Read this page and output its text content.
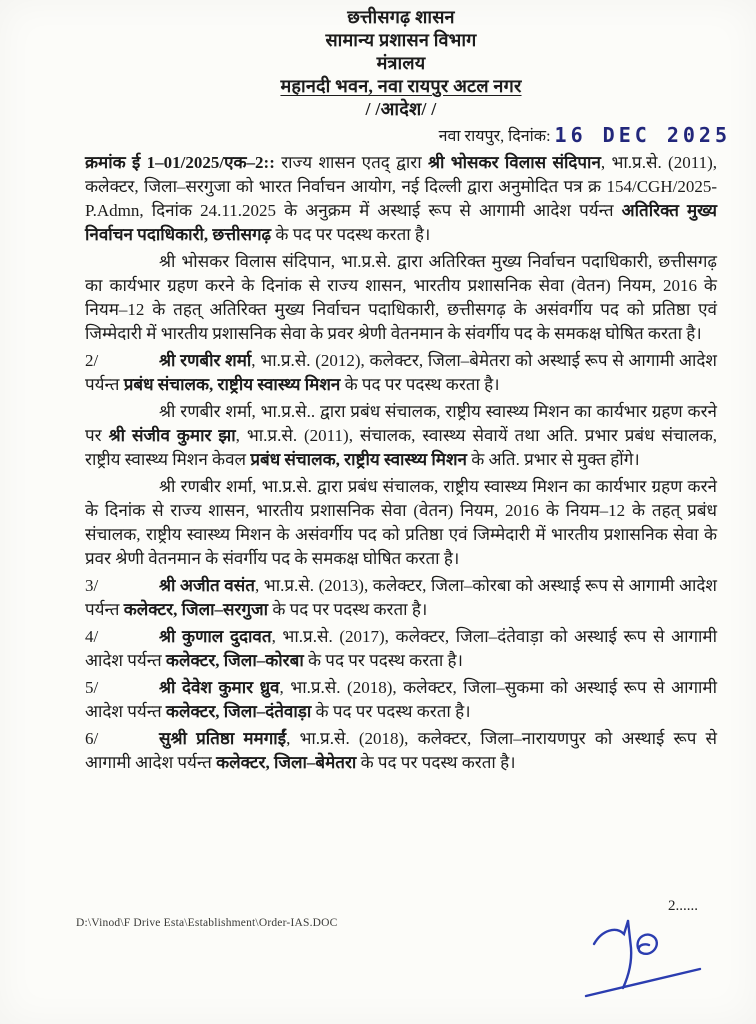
छत्तीसगढ़ शासन
सामान्य प्रशासन विभाग
मंत्रालय
महानदी भवन, नवा रायपुर अटल नगर
/ /आदेश/ /
नवा रायपुर, दिनांक: 16 DEC 2025

क्रमांक ई 1–01/2025/एक–2:: राज्य शासन एतद् द्वारा श्री भोसकर विलास संदिपान, भा.प्र.से. (2011), कलेक्टर, जिला–सरगुजा को भारत निर्वाचन आयोग, नई दिल्ली द्वारा अनुमोदित पत्र क्र 154/CGH/2025-P.Admn, दिनांक 24.11.2025 के अनुक्रम में अस्थाई रूप से आगामी आदेश पर्यन्त अतिरिक्त मुख्य निर्वाचन पदाधिकारी, छत्तीसगढ़ के पद पर पदस्थ करता है।

श्री भोसकर विलास संदिपान, भा.प्र.से. द्वारा अतिरिक्त मुख्य निर्वाचन पदाधिकारी, छत्तीसगढ़ का कार्यभार ग्रहण करने के दिनांक से राज्य शासन, भारतीय प्रशासनिक सेवा (वेतन) नियम, 2016 के नियम–12 के तहत् अतिरिक्त मुख्य निर्वाचन पदाधिकारी, छत्तीसगढ़ के असंवर्गीय पद को प्रतिष्ठा एवं जिम्मेदारी में भारतीय प्रशासनिक सेवा के प्रवर श्रेणी वेतनमान के संवर्गीय पद के समकक्ष घोषित करता है।

2/	श्री रणबीर शर्मा, भा.प्र.से. (2012), कलेक्टर, जिला–बेमेतरा को अस्थाई रूप से आगामी आदेश पर्यन्त प्रबंध संचालक, राष्ट्रीय स्वास्थ्य मिशन के पद पर पदस्थ करता है।

श्री रणबीर शर्मा, भा.प्र.से.. द्वारा प्रबंध संचालक, राष्ट्रीय स्वास्थ्य मिशन का कार्यभार ग्रहण करने पर श्री संजीव कुमार झा, भा.प्र.से. (2011), संचालक, स्वास्थ्य सेवायें तथा अति. प्रभार प्रबंध संचालक, राष्ट्रीय स्वास्थ्य मिशन केवल प्रबंध संचालक, राष्ट्रीय स्वास्थ्य मिशन के अति. प्रभार से मुक्त होंगे।

श्री रणबीर शर्मा, भा.प्र.से. द्वारा प्रबंध संचालक, राष्ट्रीय स्वास्थ्य मिशन का कार्यभार ग्रहण करने के दिनांक से राज्य शासन, भारतीय प्रशासनिक सेवा (वेतन) नियम, 2016 के नियम–12 के तहत् प्रबंध संचालक, राष्ट्रीय स्वास्थ्य मिशन के असंवर्गीय पद को प्रतिष्ठा एवं जिम्मेदारी में भारतीय प्रशासनिक सेवा के प्रवर श्रेणी वेतनमान के संवर्गीय पद के समकक्ष घोषित करता है।

3/	श्री अजीत वसंत, भा.प्र.से. (2013), कलेक्टर, जिला–कोरबा को अस्थाई रूप से आगामी आदेश पर्यन्त कलेक्टर, जिला–सरगुजा के पद पर पदस्थ करता है।

4/	श्री कुणाल दुदावत, भा.प्र.से. (2017), कलेक्टर, जिला–दंतेवाड़ा को अस्थाई रूप से आगामी आदेश पर्यन्त कलेक्टर, जिला–कोरबा के पद पर पदस्थ करता है।

5/	श्री देवेश कुमार ध्रुव, भा.प्र.से. (2018), कलेक्टर, जिला–सुकमा को अस्थाई रूप से आगामी आदेश पर्यन्त कलेक्टर, जिला–दंतेवाड़ा के पद पर पदस्थ करता है।

6/	सुश्री प्रतिष्ठा ममगाईं, भा.प्र.से. (2018), कलेक्टर, जिला–नारायणपुर को अस्थाई रूप से आगामी आदेश पर्यन्त कलेक्टर, जिला–बेमेतरा के पद पर पदस्थ करता है।

D:\Vinod\F Drive Esta\Establishment\Order-IAS.DOC
2......
